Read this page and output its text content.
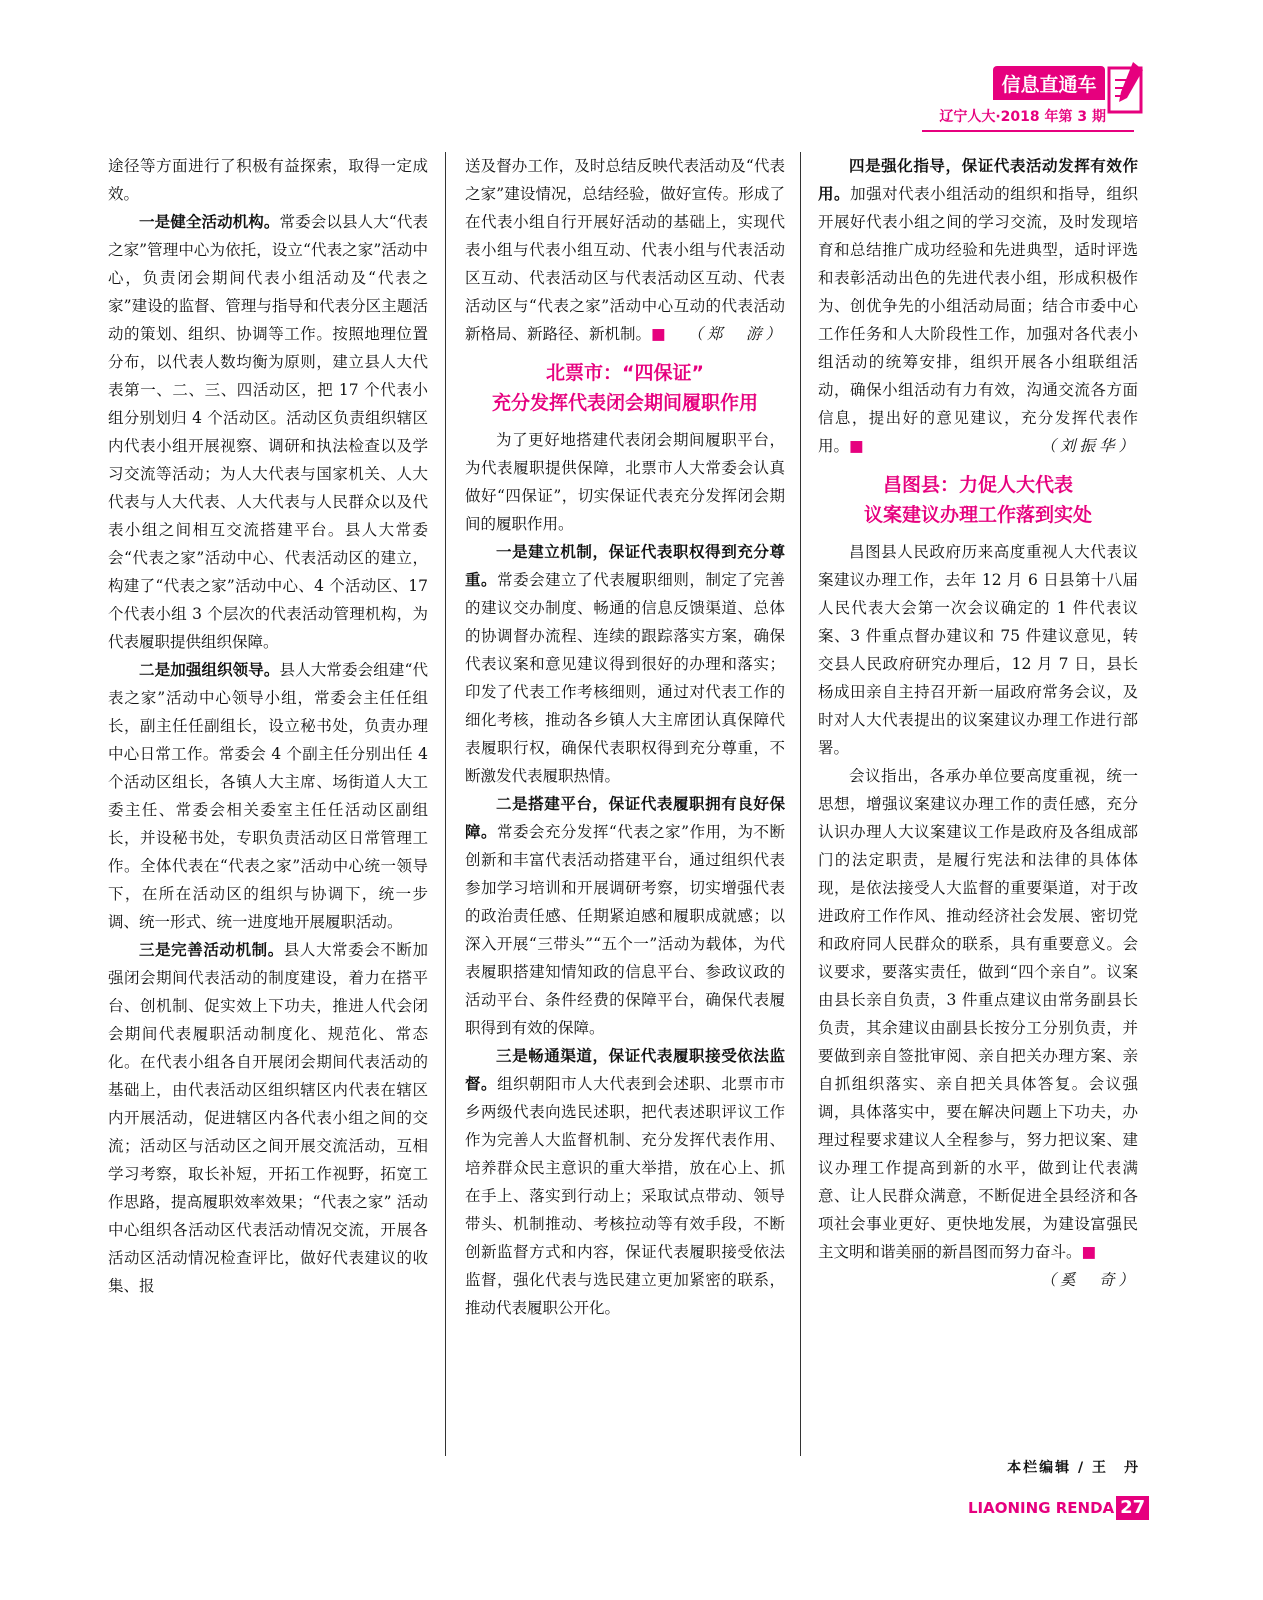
信息直通车
辽宁人大·2018 年第 3 期

途径等方面进行了积极有益探索，取得一定成效。

一是健全活动机构。常委会以县人大“代表之家”管理中心为依托，设立“代表之家”活动中心，负责闭会期间代表小组活动及“代表之家”建设的监督、管理与指导和代表分区主题活动的策划、组织、协调等工作。按照地理位置分布，以代表人数均衡为原则，建立县人大代表第一、二、三、四活动区，把 17 个代表小组分别划归 4 个活动区。活动区负责组织辖区内代表小组开展视察、调研和执法检查以及学习交流等活动；为人大代表与国家机关、人大代表与人大代表、人大代表与人民群众以及代表小组之间相互交流搭建平台。县人大常委会“代表之家”活动中心、代表活动区的建立，构建了“代表之家”活动中心、4 个活动区、17 个代表小组 3 个层次的代表活动管理机构，为代表履职提供组织保障。

二是加强组织领导。县人大常委会组建“代表之家”活动中心领导小组，常委会主任任组长，副主任任副组长，设立秘书处，负责办理中心日常工作。常委会 4 个副主任分别出任 4 个活动区组长，各镇人大主席、场街道人大工委主任、常委会相关委室主任任活动区副组长，并设秘书处，专职负责活动区日常管理工作。全体代表在“代表之家”活动中心统一领导下，在所在活动区的组织与协调下，统一步调、统一形式、统一进度地开展履职活动。

三是完善活动机制。县人大常委会不断加强闭会期间代表活动的制度建设，着力在搭平台、创机制、促实效上下功夫，推进人代会闭会期间代表履职活动制度化、规范化、常态化。在代表小组各自开展闭会期间代表活动的基础上，由代表活动区组织辖区内代表在辖区内开展活动，促进辖区内各代表小组之间的交流；活动区与活动区之间开展交流活动，互相学习考察，取长补短，开拓工作视野，拓宽工作思路，提高履职效率效果；“代表之家” 活动中心组织各活动区代表活动情况交流，开展各活动区活动情况检查评比，做好代表建议的收集、报

送及督办工作，及时总结反映代表活动及“代表之家”建设情况，总结经验，做好宣传。形成了在代表小组自行开展好活动的基础上，实现代表小组与代表小组互动、代表小组与代表活动区互动、代表活动区与代表活动区互动、代表活动区与“代表之家”活动中心互动的代表活动新格局、新路径、新机制。■ （郑　游）

北票市：“四保证”
充分发挥代表闭会期间履职作用

为了更好地搭建代表闭会期间履职平台，为代表履职提供保障，北票市人大常委会认真做好“四保证”，切实保证代表充分发挥闭会期间的履职作用。

一是建立机制，保证代表职权得到充分尊重。常委会建立了代表履职细则，制定了完善的建议交办制度、畅通的信息反馈渠道、总体的协调督办流程、连续的跟踪落实方案，确保代表议案和意见建议得到很好的办理和落实；印发了代表工作考核细则，通过对代表工作的细化考核，推动各乡镇人大主席团认真保障代表履职行权，确保代表职权得到充分尊重，不断激发代表履职热情。

二是搭建平台，保证代表履职拥有良好保障。常委会充分发挥“代表之家”作用，为不断创新和丰富代表活动搭建平台，通过组织代表参加学习培训和开展调研考察，切实增强代表的政治责任感、任期紧迫感和履职成就感；以深入开展“三带头”“五个一”活动为载体，为代表履职搭建知情知政的信息平台、参政议政的活动平台、条件经费的保障平台，确保代表履职得到有效的保障。

三是畅通渠道，保证代表履职接受依法监督。组织朝阳市人大代表到会述职、北票市市乡两级代表向选民述职，把代表述职评议工作作为完善人大监督机制、充分发挥代表作用、培养群众民主意识的重大举措，放在心上、抓在手上、落实到行动上；采取试点带动、领导带头、机制推动、考核拉动等有效手段，不断创新监督方式和内容，保证代表履职接受依法监督，强化代表与选民建立更加紧密的联系，推动代表履职公开化。

四是强化指导，保证代表活动发挥有效作用。加强对代表小组活动的组织和指导，组织开展好代表小组之间的学习交流，及时发现培育和总结推广成功经验和先进典型，适时评选和表彰活动出色的先进代表小组，形成积极作为、创优争先的小组活动局面；结合市委中心工作任务和人大阶段性工作，加强对各代表小组活动的统筹安排，组织开展各小组联组活动，确保小组活动有力有效，沟通交流各方面信息，提出好的意见建议，充分发挥代表作用。■	（刘振华）

昌图县：力促人大代表
议案建议办理工作落到实处

昌图县人民政府历来高度重视人大代表议案建议办理工作，去年 12 月 6 日县第十八届人民代表大会第一次会议确定的 1 件代表议案、3 件重点督办建议和 75 件建议意见，转交县人民政府研究办理后，12 月 7 日，县长杨成田亲自主持召开新一届政府常务会议，及时对人大代表提出的议案建议办理工作进行部署。

会议指出，各承办单位要高度重视，统一思想，增强议案建议办理工作的责任感，充分认识办理人大议案建议工作是政府及各组成部门的法定职责，是履行宪法和法律的具体体现，是依法接受人大监督的重要渠道，对于改进政府工作作风、推动经济社会发展、密切党和政府同人民群众的联系，具有重要意义。会议要求，要落实责任，做到“四个亲自”。议案由县长亲自负责，3 件重点建议由常务副县长负责，其余建议由副县长按分工分别负责，并要做到亲自签批审阅、亲自把关办理方案、亲自抓组织落实、亲自把关具体答复。会议强调，具体落实中，要在解决问题上下功夫，办理过程要求建议人全程参与，努力把议案、建议办理工作提高到新的水平，做到让代表满意、让人民群众满意，不断促进全县经济和各项社会事业更好、更快地发展，为建设富强民主文明和谐美丽的新昌图而努力奋斗。■
（奚　奇）

本栏编辑 / 王　丹
LIAONING RENDA 27
